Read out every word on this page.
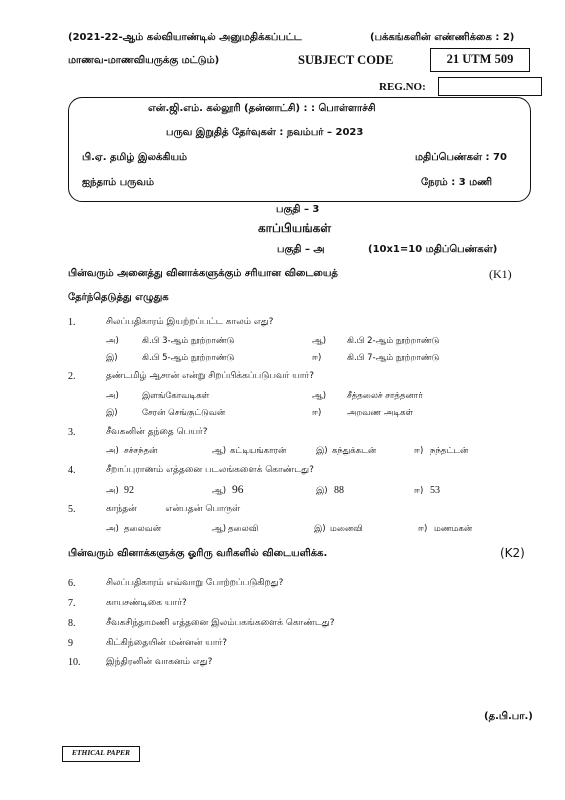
(2021-22-ஆம் கல்வியாண்டில் அனுமதிக்கப்பட்ட	(பக்கங்களின் எண்ணிக்கை : 2)
மாணவ-மாணவியருக்கு மட்டும்)	SUBJECT CODE	21 UTM 509
REG.NO:
என்.ஜி.எம். கல்லூரி (தன்னாட்சி) : : பொள்ளாச்சி
பருவ இறுதித் தேர்வுகள் : நவம்பர் – 2023
பி.ஏ. தமிழ் இலக்கியம்	மதிப்பெண்கள் : 70
ஐந்தாம் பருவம்	நேரம் : 3 மணி
பகுதி – 3
காப்பியங்கள்
பகுதி – அ	(10x1=10 மதிப்பெண்கள்)
பின்வரும் அனைத்து வினாக்களுக்கும் சரியான விடையைத்
தேர்ந்தெடுத்து எழுதுக
(K1)
1.	சிலப்பதிகாரம் இயற்றப்பட்ட காலம் எது?
அ)	கி.பி 3-ஆம் நூற்றாண்டு	ஆ) கி.பி 2-ஆம் நூற்றாண்டு
இ)	கி.பி 5-ஆம் நூற்றாண்டு	ஈ)	கி.பி 7-ஆம் நூற்றாண்டு
2.	தண்டமிழ் ஆசான் என்று சிறப்பிக்கப்படுபவர் யார்?
அ)	இளங்கோவடிகள்	ஆ) சீத்தலைச் சாத்தனார்
இ)	சேரன் செங்குட்டுவன்	ஈ)	அறவண அடிகள்
3.	சீவகனின் தந்தை பெயர்?
அ) சச்சந்தன்	ஆ) கட்டியங்காரன்	இ) கந்துக்கடன்	ஈ) நந்தட்டன்
4.	சீறாப்புராணம் எத்தனை படலங்களைக் கொண்டது?
அ) 92	ஆ) 96	இ) 88	ஈ) 53
5.	காந்தன்          என்பதன் பொருள்
அ) தலைவன்	ஆ) தலைவி	இ) மனைவி	ஈ) மணமகன்
பின்வரும் வினாக்களுக்கு ஓரிரு வரிகளில் விடையளிக்க.	(K2)
6.	சிலப்பதிகாரம் எவ்வாறு போற்றப்படுகிறது?
7.	காயசண்டிகை யார்?
8.	சீவகசிந்தாமணி எத்தனை இலம்பகங்களைக் கொண்டது?
9	கிட்கிந்தையின் மன்னன் யார்?
10.	இந்திரனின் வாகனம் எது?
(த.பி.பா.)
ETHICAL PAPER
